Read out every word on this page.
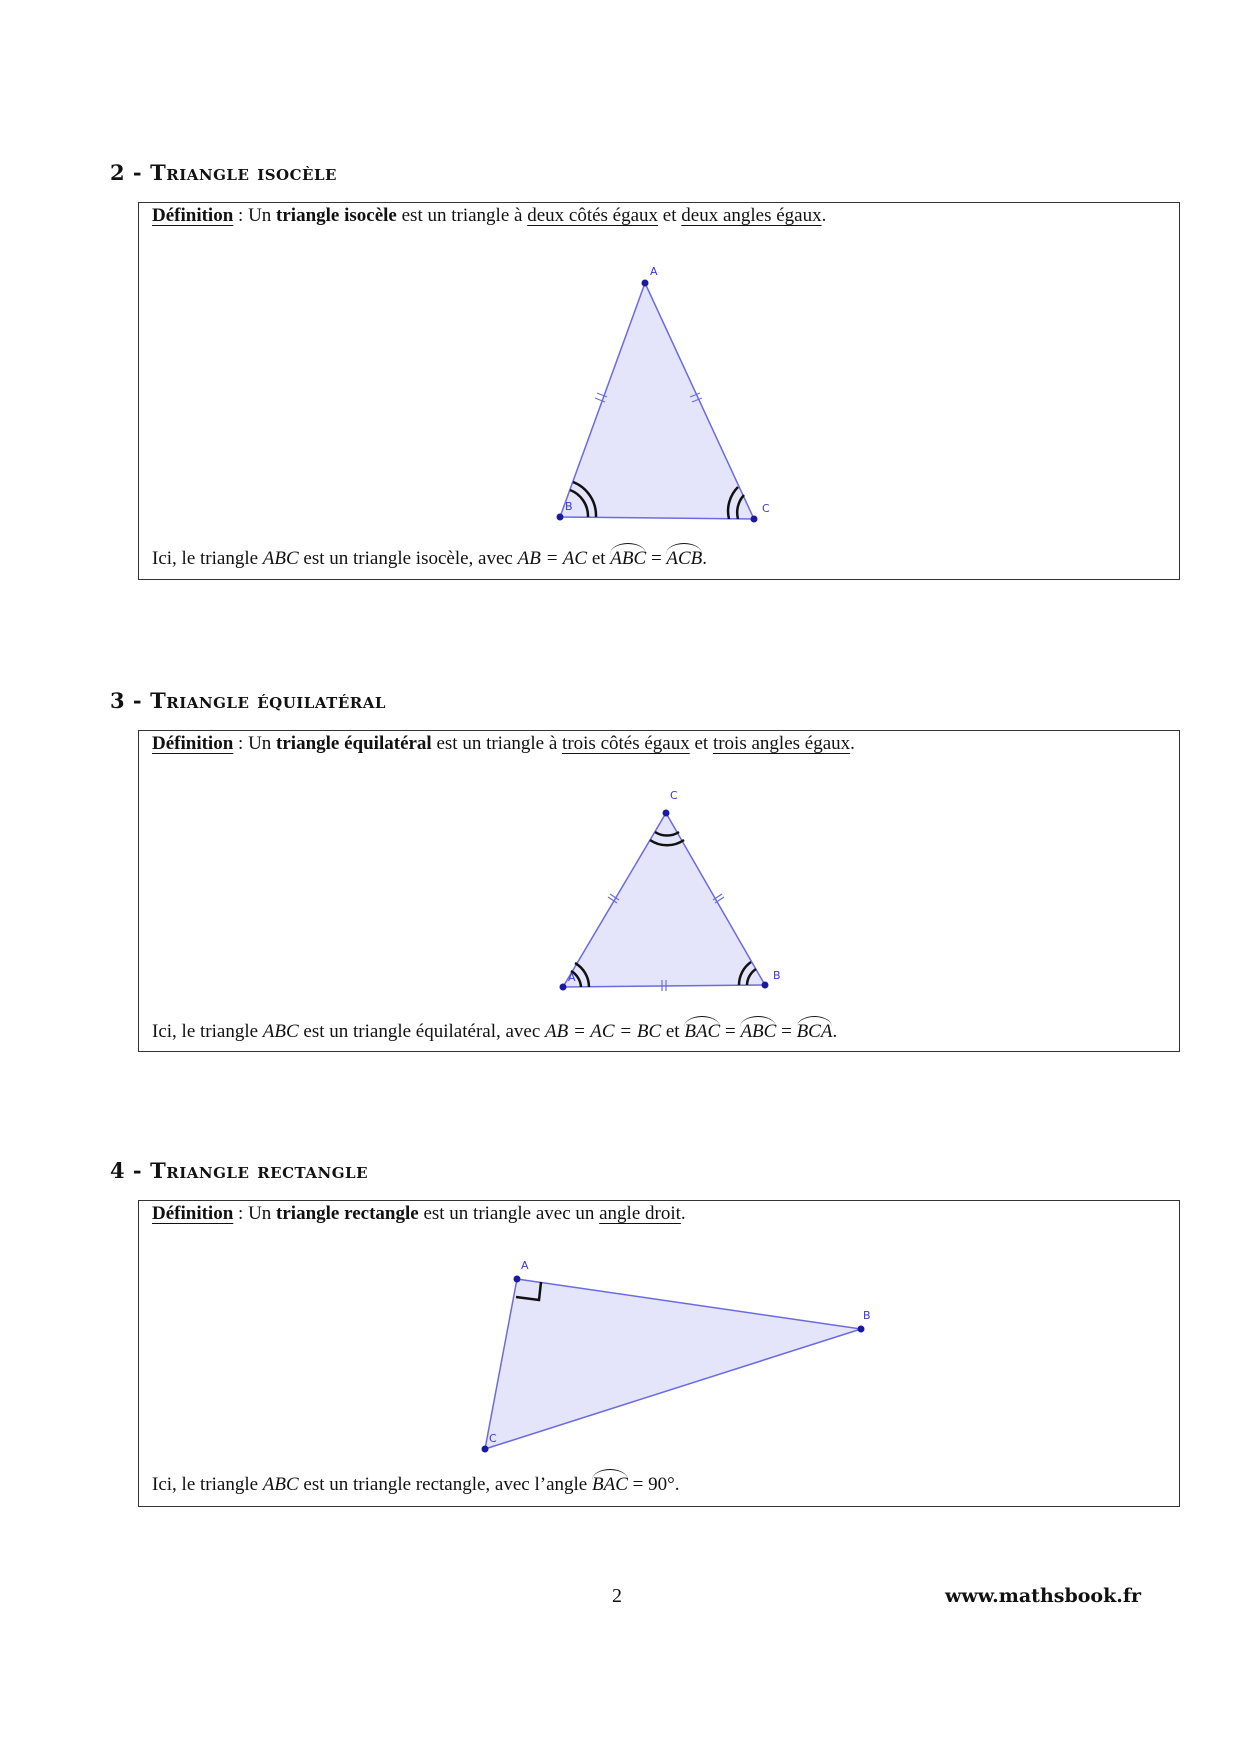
2 - Triangle isocèle
Définition : Un triangle isocèle est un triangle à deux côtés égaux et deux angles égaux.
A
B	C
Ici, le triangle ABC est un triangle isocèle, avec AB = AC et ABC = ACB.
3 - Triangle équilatéral
Définition : Un triangle équilatéral est un triangle à trois côtés égaux et trois angles égaux.
C
A	B
Ici, le triangle ABC est un triangle équilatéral, avec AB = AC = BC et BAC = ABC = BCA.
4 - Triangle rectangle
Définition : Un triangle rectangle est un triangle avec un angle droit.
A
B
C
Ici, le triangle ABC est un triangle rectangle, avec l’angle BAC = 90°.
2	www.mathsbook.fr
